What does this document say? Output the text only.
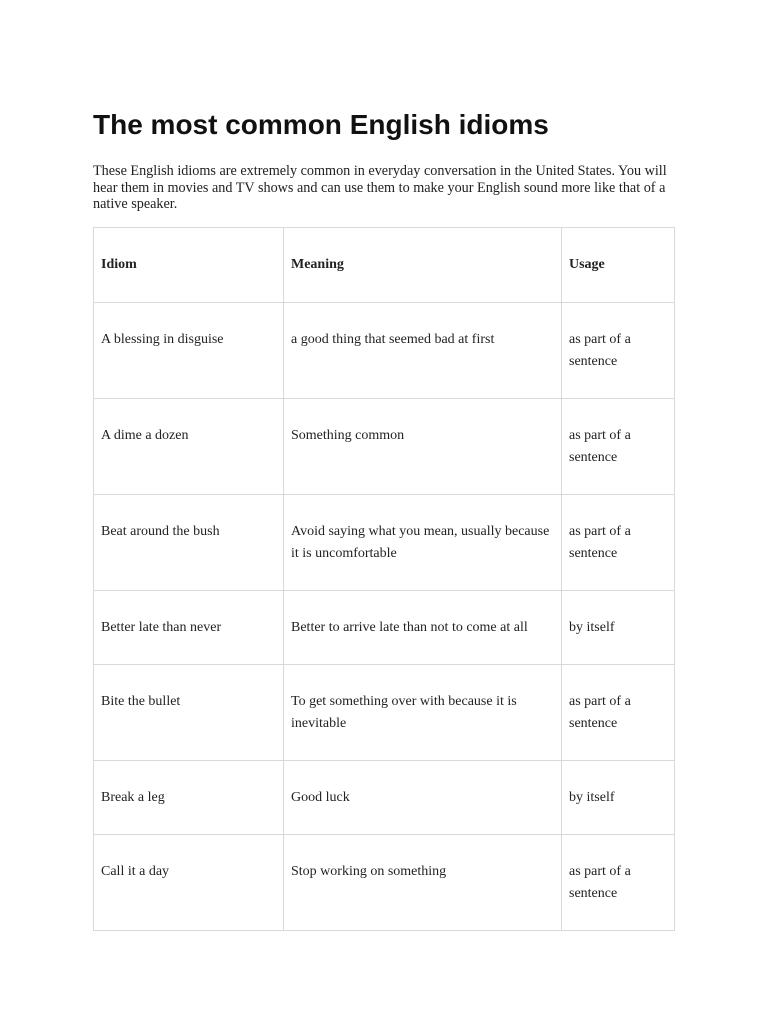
The most common English idioms

These English idioms are extremely common in everyday conversation in the United States. You will hear them in movies and TV shows and can use them to make your English sound more like that of a native speaker.

Idiom	Meaning	Usage
A blessing in disguise	a good thing that seemed bad at first	as part of a sentence
A dime a dozen	Something common	as part of a sentence
Beat around the bush	Avoid saying what you mean, usually because it is uncomfortable	as part of a sentence
Better late than never	Better to arrive late than not to come at all	by itself
Bite the bullet	To get something over with because it is inevitable	as part of a sentence
Break a leg	Good luck	by itself
Call it a day	Stop working on something	as part of a sentence
